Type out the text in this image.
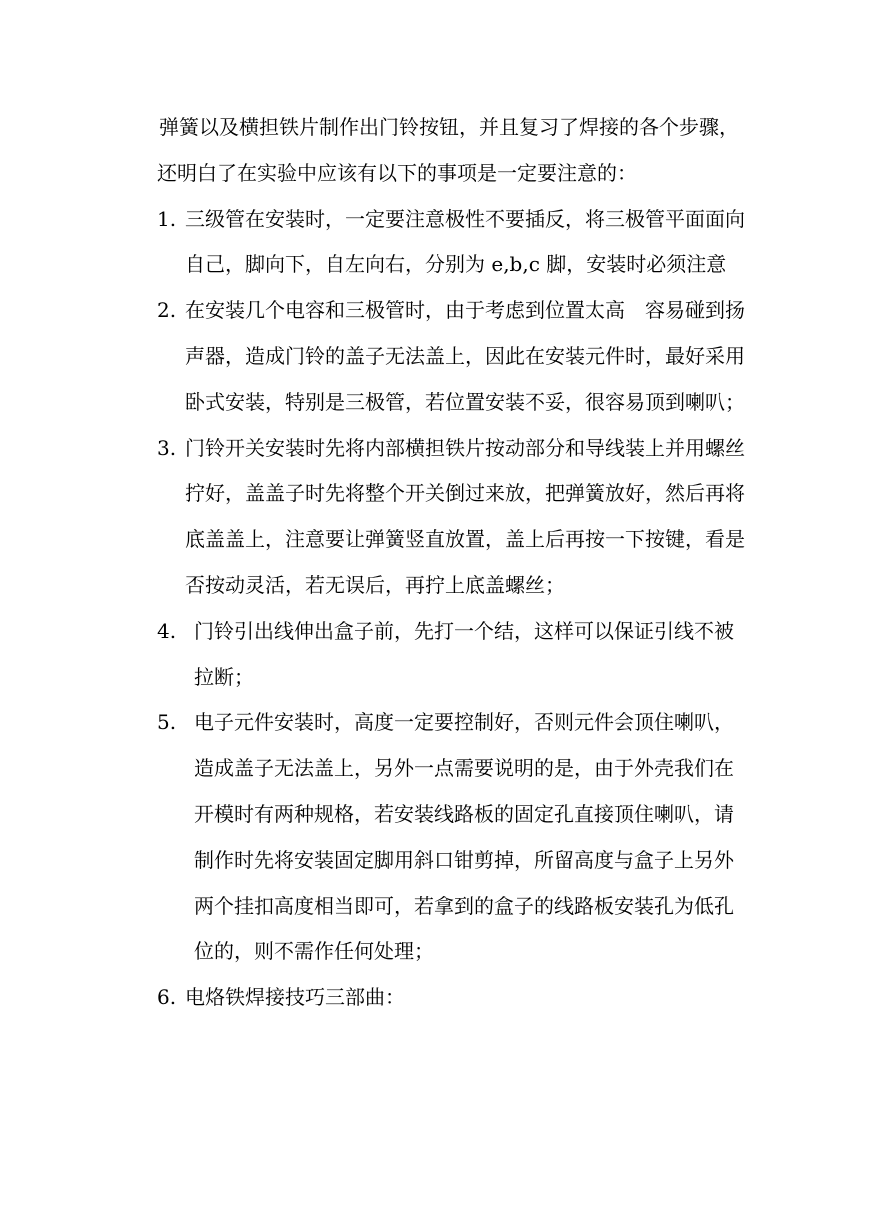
弹簧以及横担铁片制作出门铃按钮，并且复习了焊接的各个步骤，还明白了在实验中应该有以下的事项是一定要注意的：

1. 三级管在安装时，一定要注意极性不要插反，将三极管平面面向自己，脚向下，自左向右，分别为 e,b,c 脚，安装时必须注意
2. 在安装几个电容和三极管时，由于考虑到位置太高　容易碰到扬声器，造成门铃的盖子无法盖上，因此在安装元件时，最好采用卧式安装，特别是三极管，若位置安装不妥，很容易顶到喇叭；
3. 门铃开关安装时先将内部横担铁片按动部分和导线装上并用螺丝拧好，盖盖子时先将整个开关倒过来放，把弹簧放好，然后再将底盖盖上，注意要让弹簧竖直放置，盖上后再按一下按键，看是否按动灵活，若无误后，再拧上底盖螺丝；
4. 门铃引出线伸出盒子前，先打一个结，这样可以保证引线不被拉断；
5. 电子元件安装时，高度一定要控制好，否则元件会顶住喇叭，造成盖子无法盖上，另外一点需要说明的是，由于外壳我们在开模时有两种规格，若安装线路板的固定孔直接顶住喇叭，请制作时先将安装固定脚用斜口钳剪掉，所留高度与盒子上另外两个挂扣高度相当即可，若拿到的盒子的线路板安装孔为低孔位的，则不需作任何处理；
6. 电烙铁焊接技巧三部曲：
